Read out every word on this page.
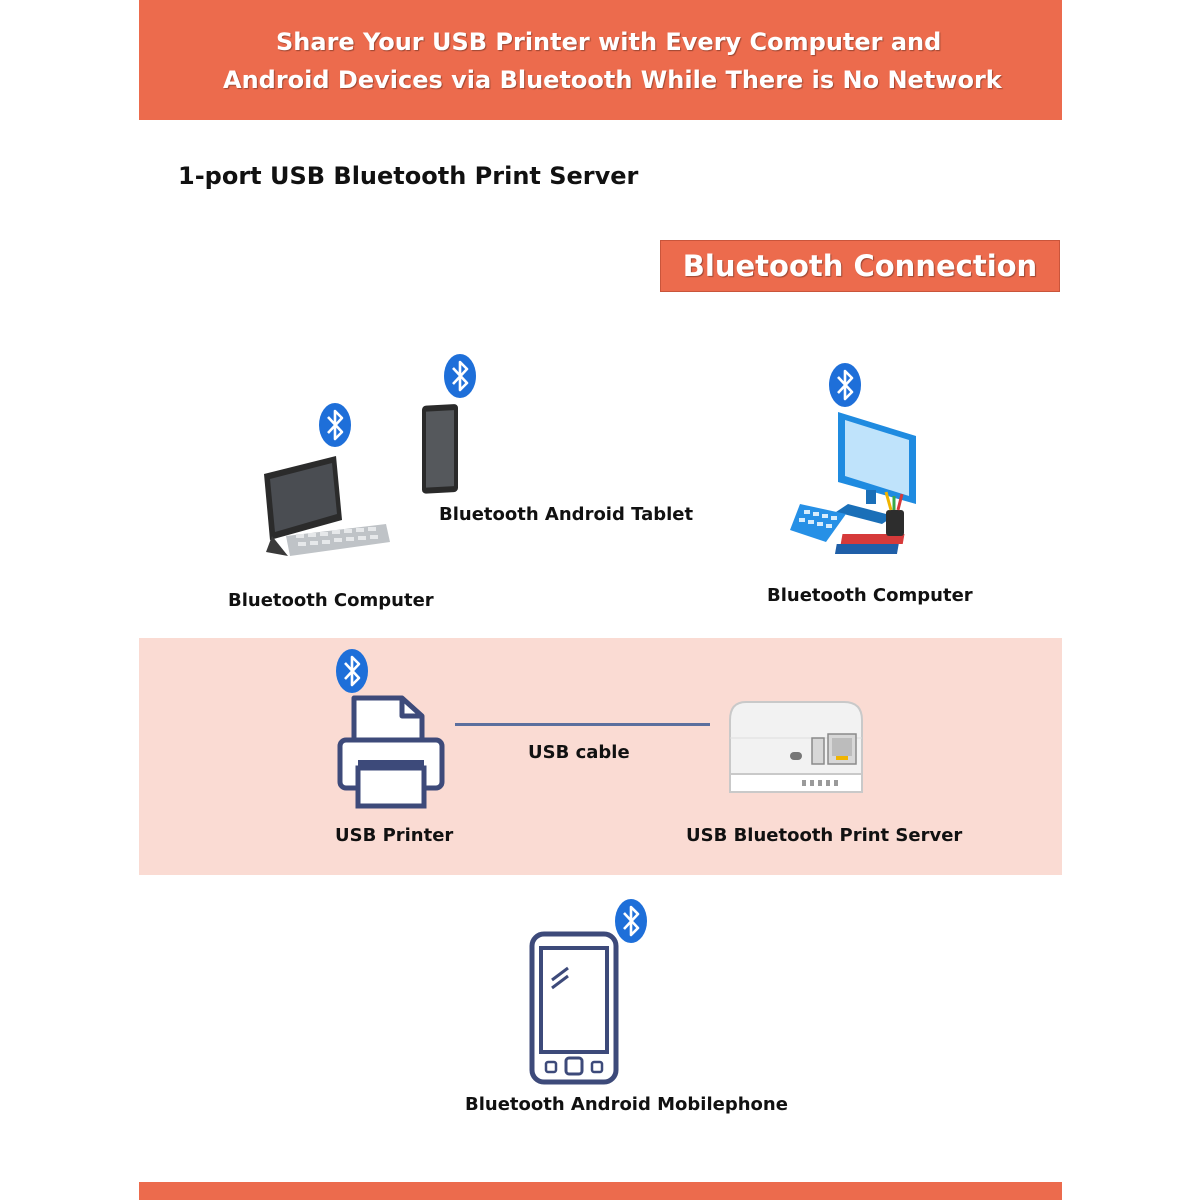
Share Your USB Printer with Every Computer and
Android Devices via Bluetooth While There is No Network
1-port USB Bluetooth Print Server
Bluetooth Connection
Bluetooth Computer
Bluetooth Android Tablet
Bluetooth Computer
USB cable
USB Printer	USB Bluetooth Print Server
Bluetooth Android Mobilephone
